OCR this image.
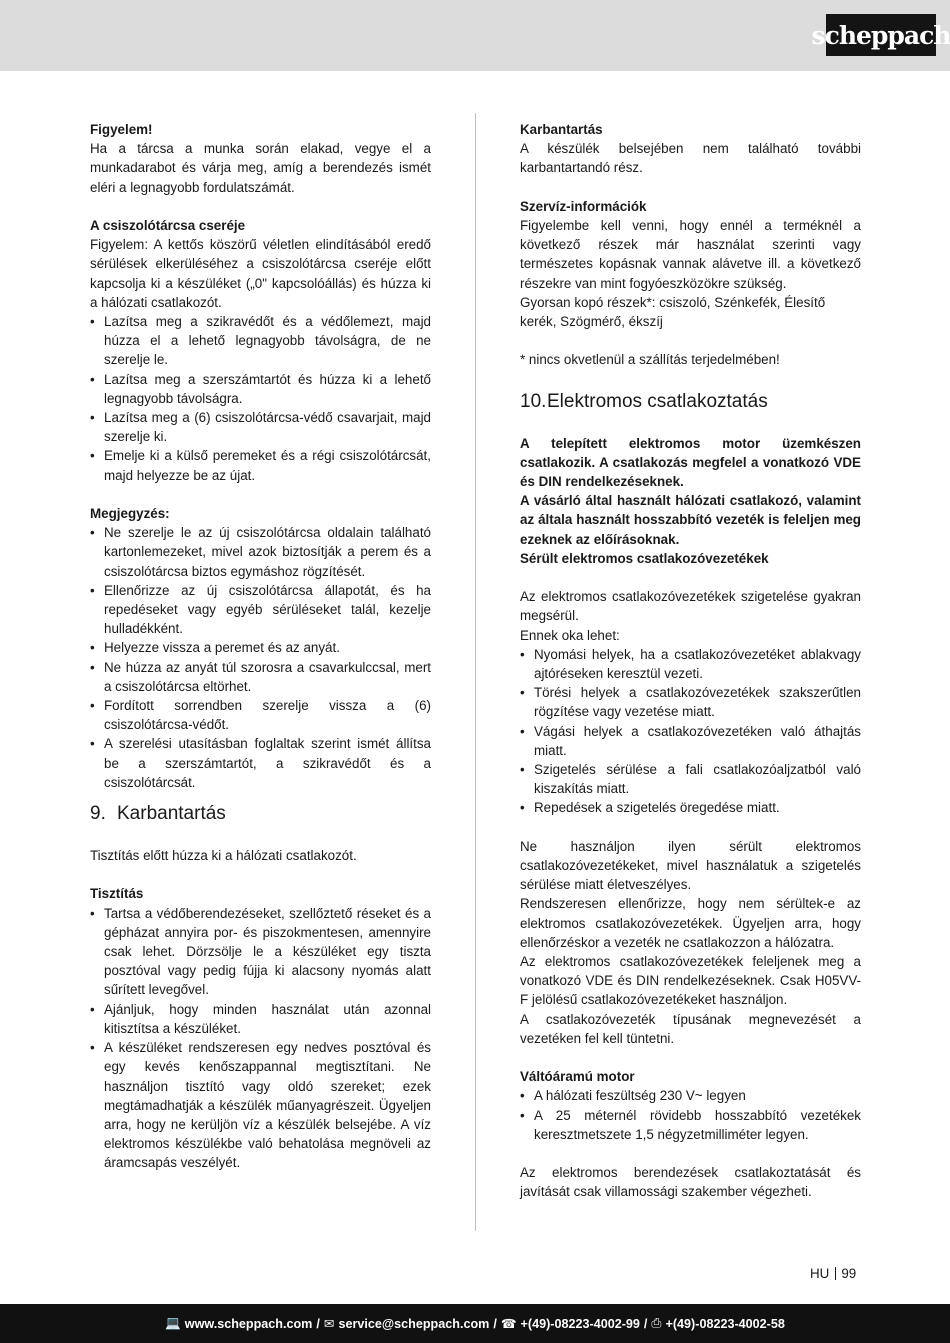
scheppach

Figyelem!

Ha a tárcsa a munka során elakad, vegye el a munkadarabot és várja meg, amíg a berendezés ismét eléri a legnagyobb fordulatszámát.

A csiszolótárcsa cseréje

Figyelem: A kettős köszörű véletlen elindításából eredő sérülések elkerüléséhez a csiszolótárcsa cseréje előtt kapcsolja ki a készüléket („0" kapcsolóállás) és húzza ki a hálózati csatlakozót.

• Lazítsa meg a szikravédőt és a védőlemezt, majd húzza el a lehető legnagyobb távolságra, de ne szerelje le.
• Lazítsa meg a szerszámtartót és húzza ki a lehető legnagyobb távolságra.
• Lazítsa meg a (6) csiszolótárcsa-védő csavarjait, majd szerelje ki.
• Emelje ki a külső peremeket és a régi csiszolótárcsát, majd helyezze be az újat.

Megjegyzés:

• Ne szerelje le az új csiszolótárcsa oldalain található kartonlemezeket, mivel azok biztosítják a perem és a csiszolótárcsa biztos egymáshoz rögzítését.
• Ellenőrizze az új csiszolótárcsa állapotát, és ha repedéseket vagy egyéb sérüléseket talál, kezelje hulladékként.
• Helyezze vissza a peremet és az anyát.
• Ne húzza az anyát túl szorosra a csavarkulccsal, mert a csiszolótárcsa eltörhet.
• Fordított sorrendben szerelje vissza a (6) csiszolótárcsa-védőt.
• A szerelési utasításban foglaltak szerint ismét állítsa be a szerszámtartót, a szikravédőt és a csiszolótárcsát.
9. Karbantartás

Tisztítás előtt húzza ki a hálózati csatlakozót.

Tisztítás

• Tartsa a védőberendezéseket, szellőztető réseket és a gépházat annyira por- és piszokmentesen, amennyire csak lehet. Dörzsölje le a készüléket egy tiszta posztóval vagy pedig fújja ki alacsony nyomás alatt sűrített levegővel.
• Ajánljuk, hogy minden használat után azonnal kitisztítsa a készüléket.
• A készüléket rendszeresen egy nedves posztóval és egy kevés kenőszappannal megtisztítani. Ne használjon tisztító vagy oldó szereket; ezek megtámadhatják a készülék műanyagrészeit. Ügyeljen arra, hogy ne kerüljön víz a készülék belsejébe. A víz elektromos készülékbe való behatolása megnöveli az áramcsapás veszélyét.

Karbantartás

A készülék belsejében nem található további karbantartandó rész.

Szervíz-információk

Figyelembe kell venni, hogy ennél a terméknél a következő részek már használat szerinti vagy természetes kopásnak vannak alávetve ill. a következő részekre van mint fogyóeszközökre szükség.

Gyorsan kopó részek*: csiszoló, Szénkefék, Élesítő kerék, Szögmérő, ékszíj

* nincs okvetlenül a szállítás terjedelmében!

10.Elektromos csatlakoztatás

A telepített elektromos motor üzemkészen csatlakozik. A csatlakozás megfelel a vonatkozó VDE és DIN rendelkezéseknek.

A vásárló által használt hálózati csatlakozó, valamint az általa használt hosszabbító vezeték is feleljen meg ezeknek az előírásoknak.

Sérült elektromos csatlakozóvezetékek

Az elektromos csatlakozóvezetékek szigetelése gyakran megsérül.

Ennek oka lehet:

• Nyomási helyek, ha a csatlakozóvezetéket ablakvagy ajtóréseken keresztül vezeti.
• Törési helyek a csatlakozóvezetékek szakszerűtlen rögzítése vagy vezetése miatt.
• Vágási helyek a csatlakozóvezetéken való áthajtás miatt.
• Szigetelés sérülése a fali csatlakozóaljzatból való kiszakítás miatt.
• Repedések a szigetelés öregedése miatt.

Ne használjon ilyen sérült elektromos csatlakozóvezetékeket, mivel használatuk a szigetelés sérülése miatt életveszélyes.

Rendszeresen ellenőrizze, hogy nem sérültek-e az elektromos csatlakozóvezetékek. Ügyeljen arra, hogy ellenőrzéskor a vezeték ne csatlakozzon a hálózatra.

Az elektromos csatlakozóvezetékek feleljenek meg a vonatkozó VDE és DIN rendelkezéseknek. Csak H05VV-F jelölésű csatlakozóvezetékeket használjon.

A csatlakozóvezeték típusának megnevezését a vezetéken fel kell tüntetni.

Váltóáramú motor

• A hálózati feszültség 230 V~ legyen
• A 25 méternél rövidebb hosszabbító vezetékek keresztmetszete 1,5 négyzetmilliméter legyen.

Az elektromos berendezések csatlakoztatását és javítását csak villamossági szakember végezheti.

HU 99
💻 www.scheppach.com / ✉ service@scheppach.com / ☎ +(49)-08223-4002-99 / ⎙ +(49)-08223-4002-58
